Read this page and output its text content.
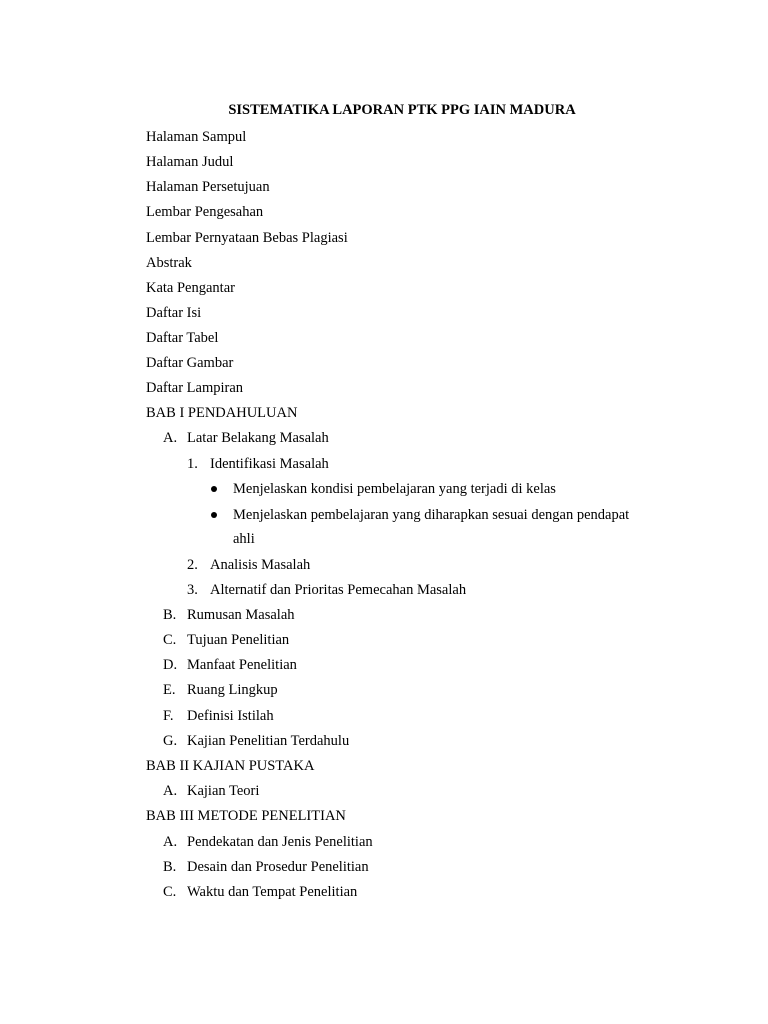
SISTEMATIKA LAPORAN PTK PPG IAIN MADURA
Halaman Sampul
Halaman Judul
Halaman Persetujuan
Lembar Pengesahan
Lembar Pernyataan Bebas Plagiasi
Abstrak
Kata Pengantar
Daftar Isi
Daftar Tabel
Daftar Gambar
Daftar Lampiran
BAB I PENDAHULUAN
A. Latar Belakang Masalah
1. Identifikasi Masalah
Menjelaskan kondisi pembelajaran yang terjadi di kelas
Menjelaskan pembelajaran yang diharapkan sesuai dengan pendapat
ahli
2. Analisis Masalah
3. Alternatif dan Prioritas Pemecahan Masalah
B. Rumusan Masalah
C. Tujuan Penelitian
D. Manfaat Penelitian
E. Ruang Lingkup
F. Definisi Istilah
G. Kajian Penelitian Terdahulu
BAB II KAJIAN PUSTAKA
A. Kajian Teori
BAB III METODE PENELITIAN
A. Pendekatan dan Jenis Penelitian
B. Desain dan Prosedur Penelitian
C. Waktu dan Tempat Penelitian
